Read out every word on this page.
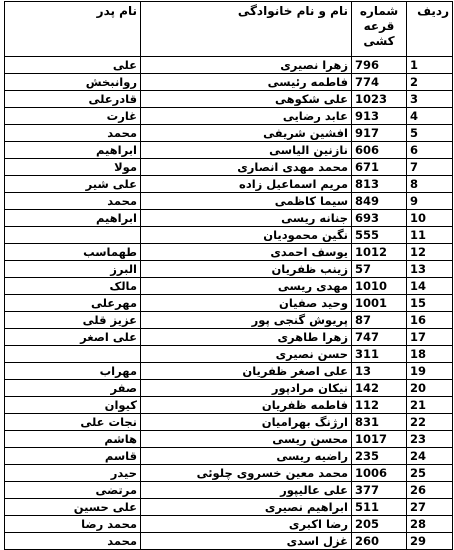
ردیف	شماره قرعه کشی	نام و نام خانوادگی	نام پدر
1	796	زهرا نصیری	علی
2	774	فاطمه رئیسی	روانبخش
3	1023	علی شکوهی	قادرعلی
4	913	عابد رضایی	غارت
5	917	افشین شریفی	محمد
6	606	نازنین الیاسی	ابراهیم
7	671	محمد مهدی انصاری	مولا
8	813	مریم اسماعیل زاده	علی شیر
9	849	سیما کاظمی	محمد
10	693	جنانه ریسی	ابراهیم
11	555	نگین محمودیان	
12	1012	یوسف احمدی	طهماسب
13	57	زینب ظفریان	البرز
14	1010	مهدی ریسی	مالک
15	1001	وحید صفیان	مهرعلی
16	87	پریوش گنجی پور	عزیز قلی
17	747	زهرا طاهری	علی اصغر
18	311	حسن نصیری	
19	13	علی اصغر ظفریان	مهراب
20	142	نیکان مرادپور	صفر
21	112	فاطمه ظفریان	کیوان
22	831	ارژنگ بهرامیان	نجات علی
23	1017	محسن ریسی	هاشم
24	235	راضیه ریسی	قاسم
25	1006	محمد معین خسروی چلوئی	حیدر
26	377	علی عالیپور	مرتضی
27	511	ابراهیم نصیری	علی حسین
28	205	رضا اکبری	محمد رضا
29	260	غزل اسدی	محمد
